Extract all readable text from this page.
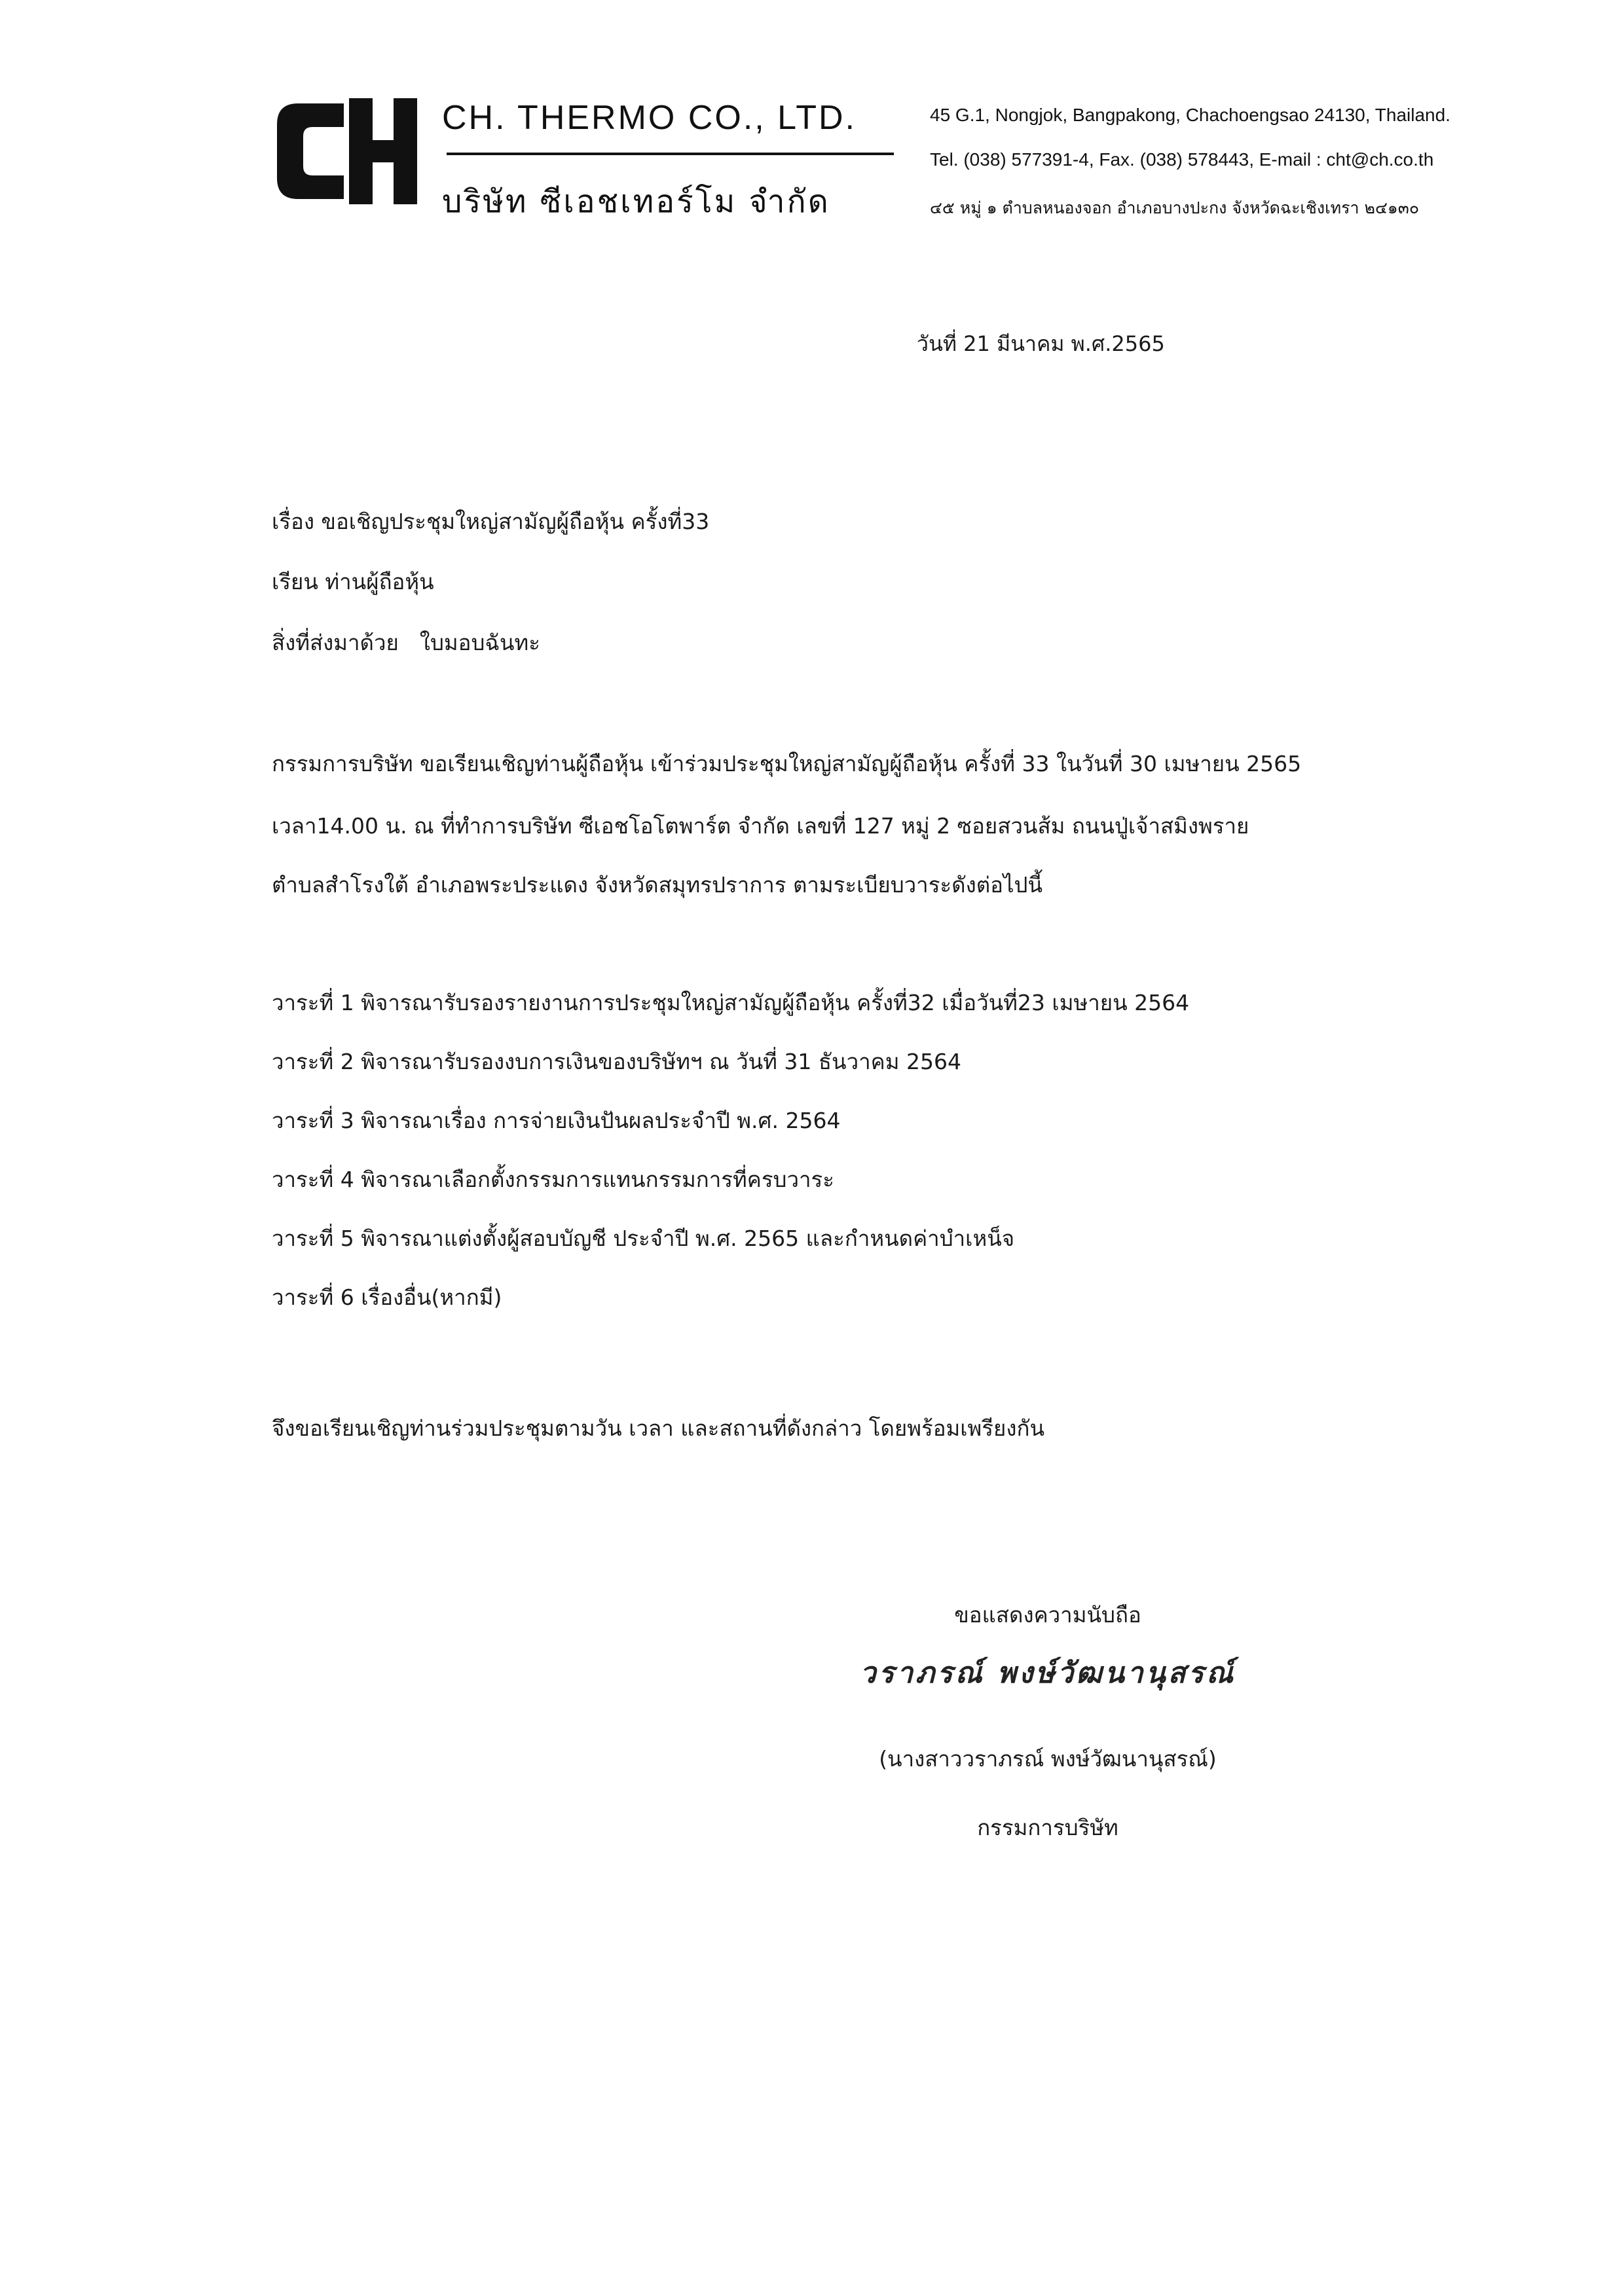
CH. THERMO CO., LTD.
บริษัท ซีเอชเทอร์โม จำกัด
45 G.1, Nongjok, Bangpakong, Chachoengsao 24130, Thailand.
Tel. (038) 577391-4, Fax. (038) 578443, E-mail : cht@ch.co.th
๔๕ หมู่ ๑ ตำบลหนองจอก อำเภอบางปะกง จังหวัดฉะเชิงเทรา ๒๔๑๓๐
วันที่ 21 มีนาคม พ.ศ.2565
เรื่อง ขอเชิญประชุมใหญ่สามัญผู้ถือหุ้น ครั้งที่33
เรียน ท่านผู้ถือหุ้น
สิ่งที่ส่งมาด้วย ใบมอบฉันทะ
กรรมการบริษัท ขอเรียนเชิญท่านผู้ถือหุ้น เข้าร่วมประชุมใหญ่สามัญผู้ถือหุ้น ครั้งที่ 33 ในวันที่ 30 เมษายน 2565
เวลา14.00 น. ณ ที่ทำการบริษัท ซีเอชโอโตพาร์ต จำกัด เลขที่ 127 หมู่ 2 ซอยสวนส้ม ถนนปู่เจ้าสมิงพราย
ตำบลสำโรงใต้ อำเภอพระประแดง จังหวัดสมุทรปราการ ตามระเบียบวาระดังต่อไปนี้
วาระที่ 1 พิจารณารับรองรายงานการประชุมใหญ่สามัญผู้ถือหุ้น ครั้งที่32 เมื่อวันที่23 เมษายน 2564
วาระที่ 2 พิจารณารับรองงบการเงินของบริษัทฯ ณ วันที่ 31 ธันวาคม 2564
วาระที่ 3 พิจารณาเรื่อง การจ่ายเงินปันผลประจำปี พ.ศ. 2564
วาระที่ 4 พิจารณาเลือกตั้งกรรมการแทนกรรมการที่ครบวาระ
วาระที่ 5 พิจารณาแต่งตั้งผู้สอบบัญชี ประจำปี พ.ศ. 2565 และกำหนดค่าบำเหน็จ
วาระที่ 6 เรื่องอื่น(หากมี)
จึงขอเรียนเชิญท่านร่วมประชุมตามวัน เวลา และสถานที่ดังกล่าว โดยพร้อมเพรียงกัน
ขอแสดงความนับถือ
วราภรณ์ พงษ์วัฒนานุสรณ์
(นางสาววราภรณ์ พงษ์วัฒนานุสรณ์)
กรรมการบริษัท
